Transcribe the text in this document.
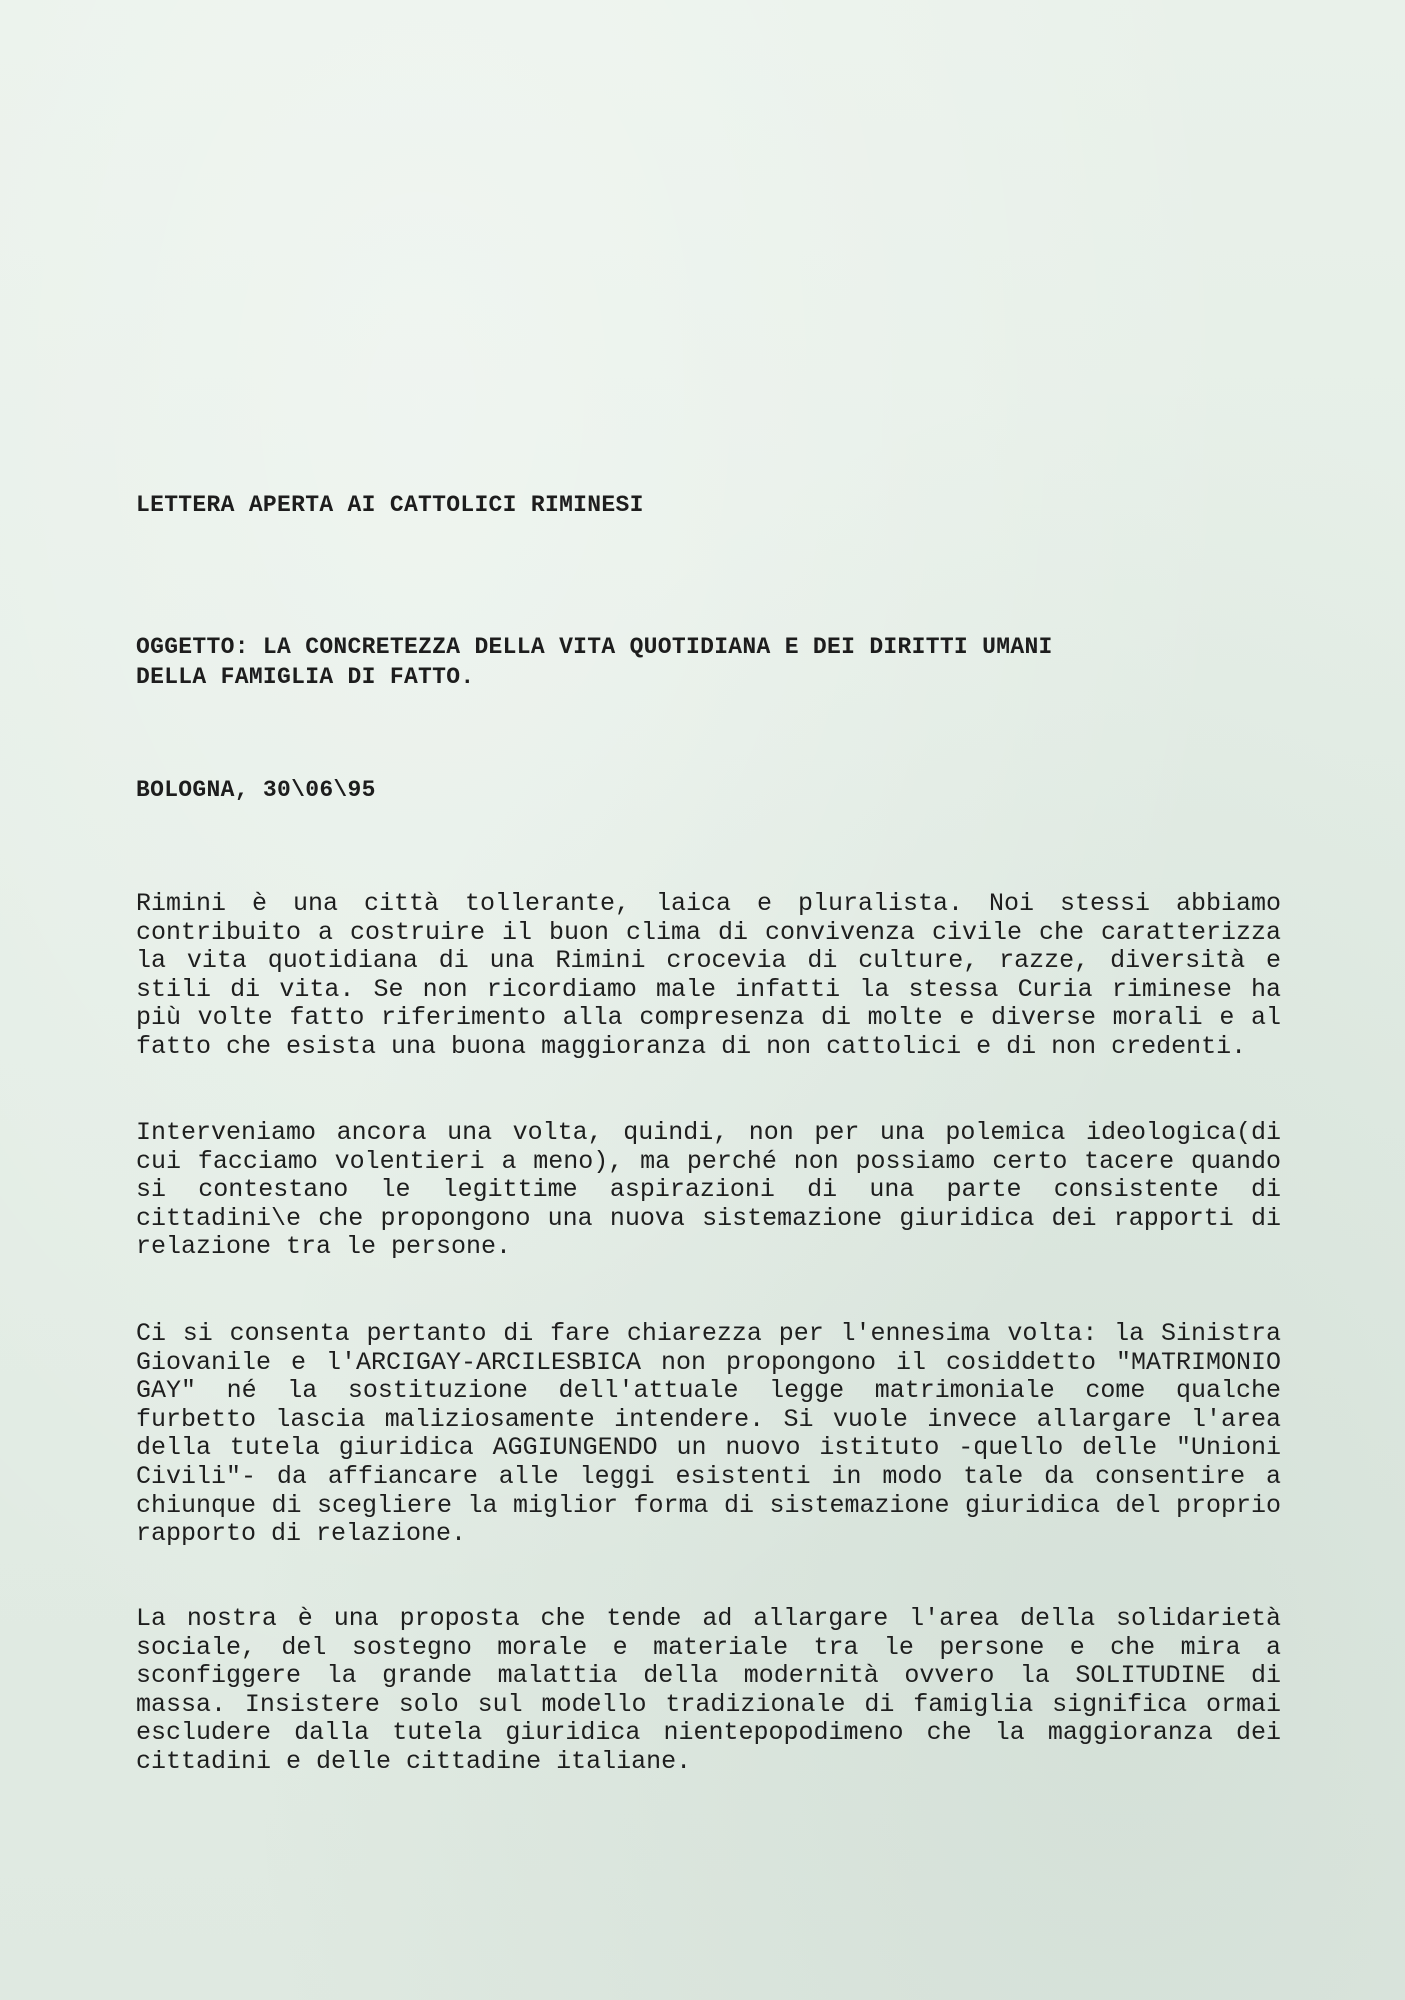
LETTERA APERTA AI CATTOLICI RIMINESI
OGGETTO: LA CONCRETEZZA DELLA VITA QUOTIDIANA E DEI DIRITTI UMANI
DELLA FAMIGLIA DI FATTO.
BOLOGNA, 30\06\95

Rimini è una città tollerante, laica e pluralista. Noi stessi abbiamo contribuito a costruire il buon clima di convivenza civile che caratterizza la vita quotidiana di una Rimini crocevia di culture, razze, diversità e stili di vita. Se non ricordiamo male infatti la stessa Curia riminese ha più volte fatto riferimento alla compresenza di molte e diverse morali e al fatto che esista una buona maggioranza di non cattolici e di non credenti.

Interveniamo ancora una volta, quindi, non per una polemica ideologica(di cui facciamo volentieri a meno), ma perché non possiamo certo tacere quando si contestano le legittime aspirazioni di una parte consistente di cittadini\e che propongono una nuova sistemazione giuridica dei rapporti di relazione tra le persone.

Ci si consenta pertanto di fare chiarezza per l'ennesima volta: la Sinistra Giovanile e l'ARCIGAY-ARCILESBICA non propongono il cosiddetto "MATRIMONIO GAY" né la sostituzione dell'attuale legge matrimoniale come qualche furbetto lascia maliziosamente intendere. Si vuole invece allargare l'area della tutela giuridica AGGIUNGENDO un nuovo istituto -quello delle "Unioni Civili"- da affiancare alle leggi esistenti in modo tale da consentire a chiunque di scegliere la miglior forma di sistemazione giuridica del proprio rapporto di relazione.

La nostra è una proposta che tende ad allargare l'area della solidarietà sociale, del sostegno morale e materiale tra le persone e che mira a sconfiggere la grande malattia della modernità ovvero la SOLITUDINE di massa. Insistere solo sul modello tradizionale di famiglia significa ormai escludere dalla tutela giuridica nientepopodimeno che la maggioranza dei cittadini e delle cittadine italiane.
